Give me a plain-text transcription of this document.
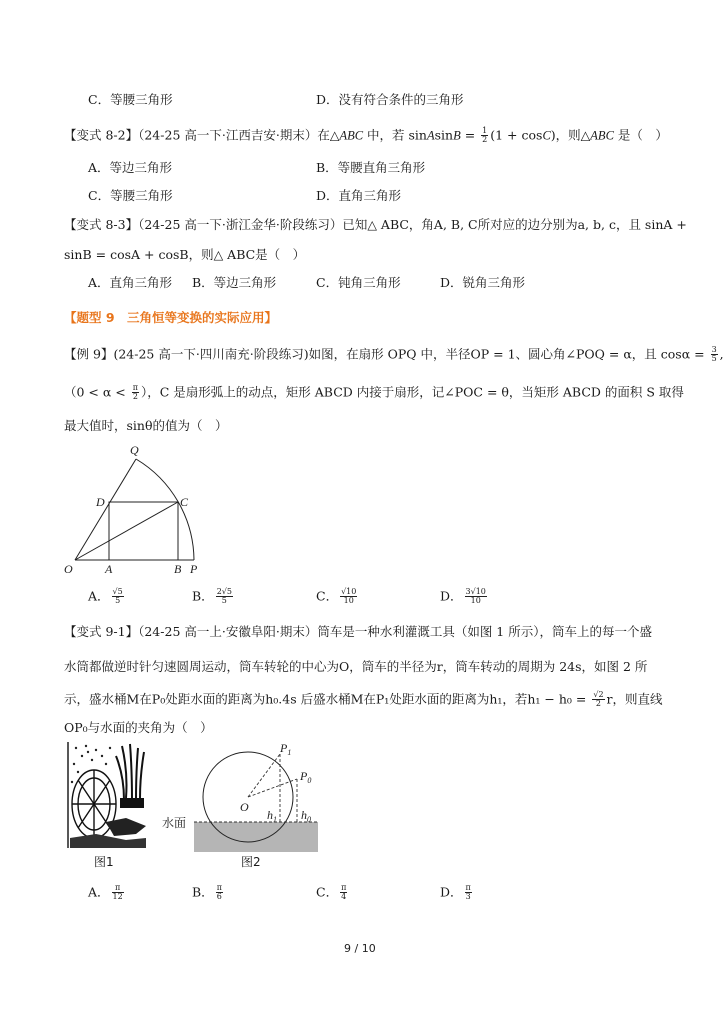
C．等腰三角形	D．没有符合条件的三角形
【变式 8-2】（24-25 高一下·江西吉安·期末）在△ABC 中，若 sinAsinB = $\frac{1}{2} (1 + \cos C)$，则△ABC 是（　）
A．等边三角形	B．等腰直角三角形
C．等腰三角形	D．直角三角形
【变式 8-3】（24-25 高一下·浙江金华·阶段练习）已知△ ABC，角A, B, C所对应的边分别为a, b, c，且 sinA +
sinB = cosA + cosB，则△ ABC是（　）
A．直角三角形 B．等边三角形	C．钝角三角形	D．锐角三角形
【题型 9　三角恒等变换的实际应用】
【例 9】(24-25 高一下·四川南充·阶段练习)如图，在扇形 OPQ 中，半径OP = 1、圆心角∠POQ = α，且 $\cos\alpha = \frac{3}{5}$ ,
（$0 < \alpha < \frac{\pi}{2}$ ），C 是扇形弧上的动点，矩形 ABCD 内接于扇形，记∠POC = θ，当矩形 ABCD 的面积 S 取得
最大值时，sinθ的值为（　）
Q
D	C
O	A	B P
A． $\frac{√5}{5}$	B． $\frac{2√5}{5}$	C． $\frac{√10}{10}$	D． $\frac{3√10}{10}$
【变式 9-1】（24-25 高一上·安徽阜阳·期末）筒车是一种水利灌溉工具（如图 1 所示），筒车上的每一个盛
水筒都做逆时针匀速圆周运动，筒车转轮的中心为O，筒车的半径为r，筒车转动的周期为 24s，如图 2 所
示，盛水桶M在P₀处距水面的距离为h₀.4s 后盛水桶M在P₁处距水面的距离为h₁，若$h_1 - h_0 = \frac{√2}{2}$ r，则直线
OP₀与水面的夹角为（　）
图1
$P_1$
$P_0$
O
$h_1$ $h_0$
水面
图2
A． $\frac{\pi}{12}$	B． $\frac{\pi}{6}$	C． $\frac{\pi}{4}$	D． $\frac{\pi}{3}$
9 / 10
